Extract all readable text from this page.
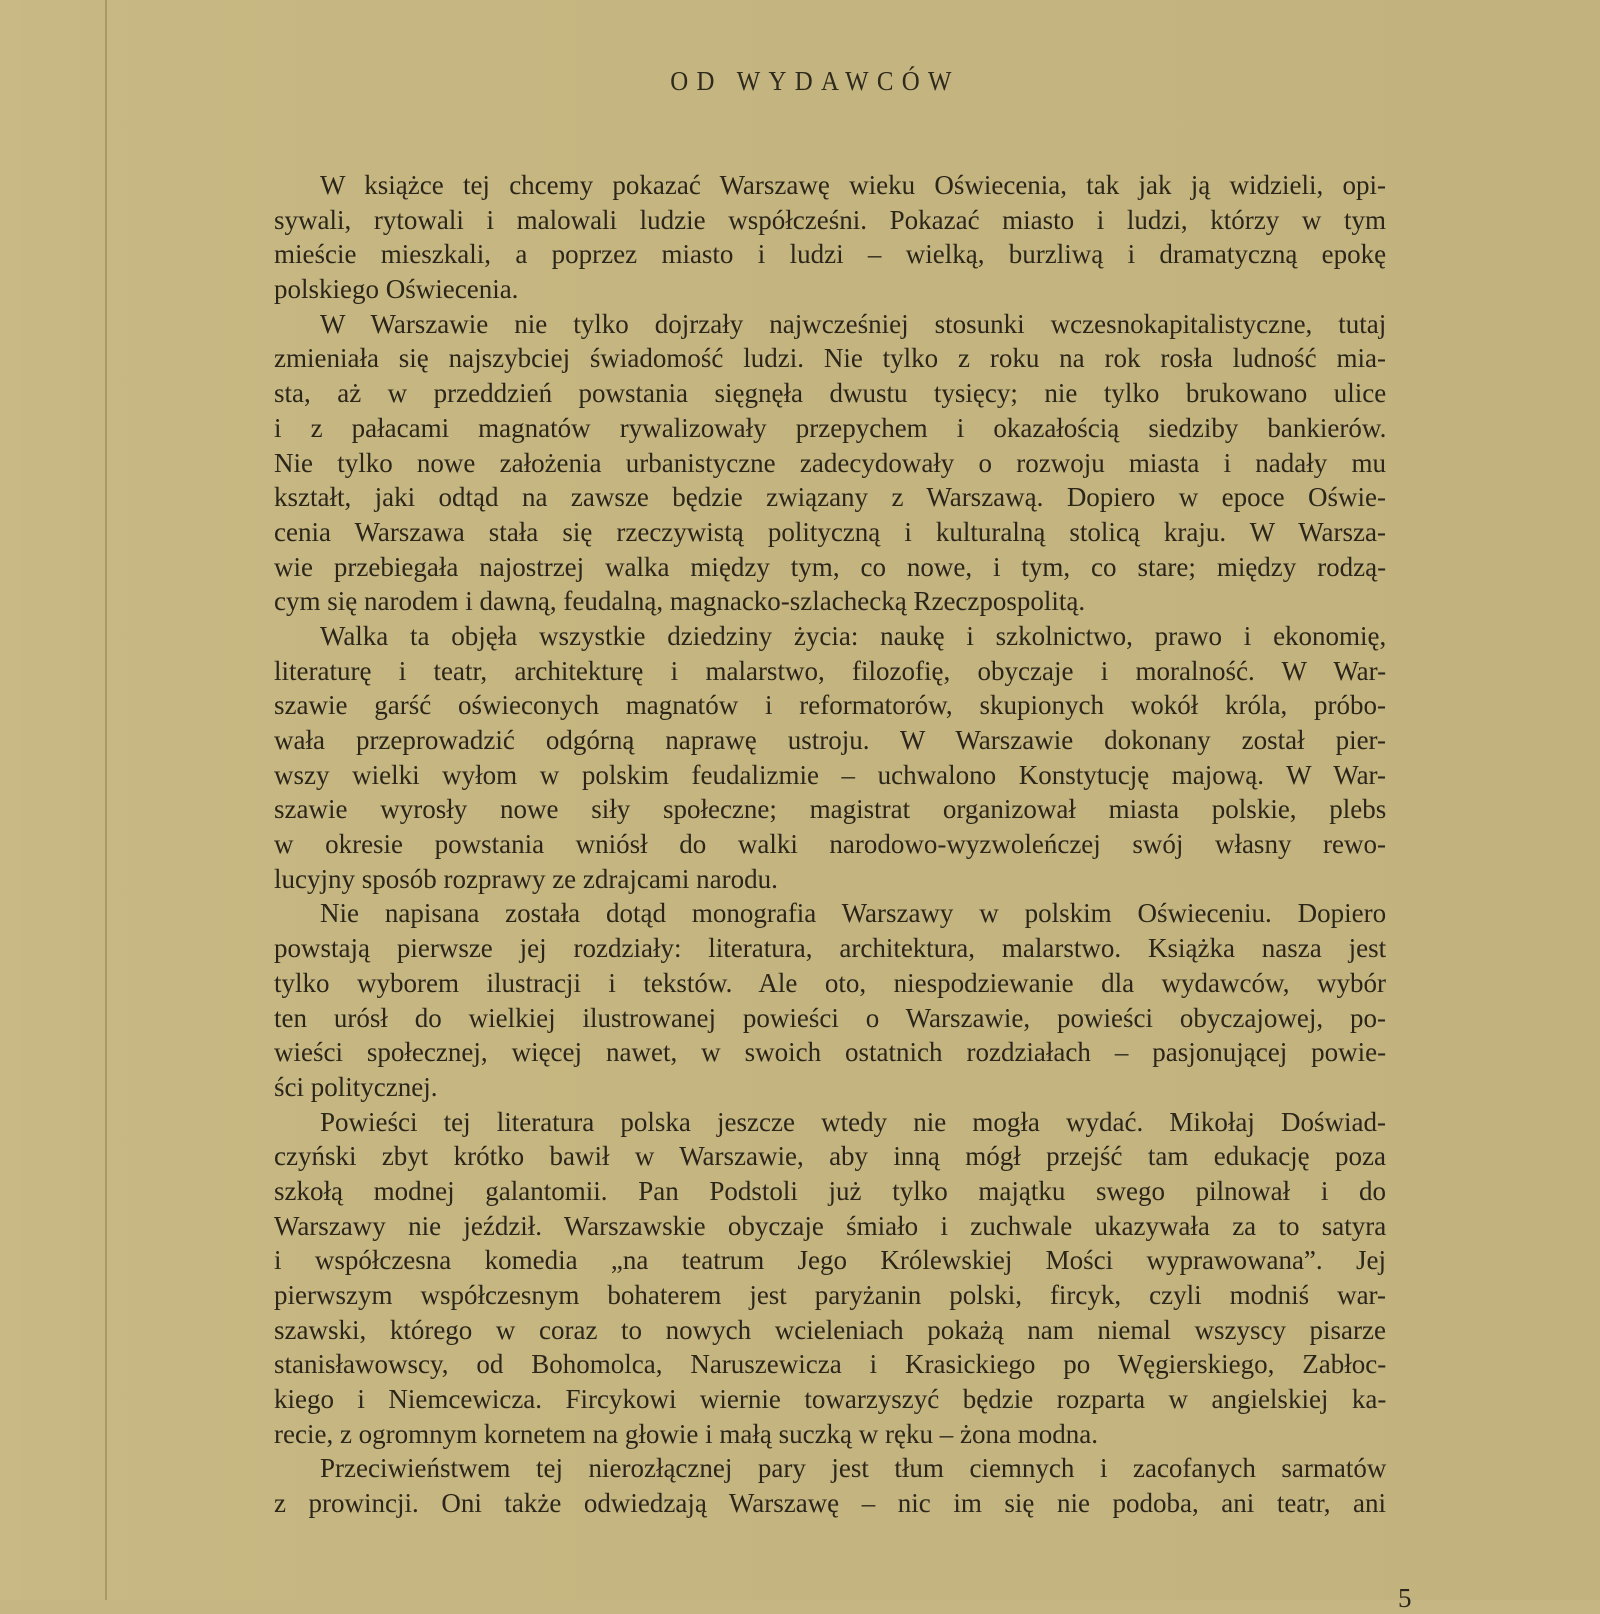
OD WYDAWCÓW
W książce tej chcemy pokazać Warszawę wieku Oświecenia, tak jak ją widzieli, opi-
sywali, rytowali i malowali ludzie współcześni. Pokazać miasto i ludzi, którzy w tym
mieście mieszkali, a poprzez miasto i ludzi – wielką, burzliwą i dramatyczną epokę
polskiego Oświecenia.
W Warszawie nie tylko dojrzały najwcześniej stosunki wczesnokapitalistyczne, tutaj
zmieniała się najszybciej świadomość ludzi. Nie tylko z roku na rok rosła ludność mia-
sta, aż w przeddzień powstania sięgnęła dwustu tysięcy; nie tylko brukowano ulice
i z pałacami magnatów rywalizowały przepychem i okazałością siedziby bankierów.
Nie tylko nowe założenia urbanistyczne zadecydowały o rozwoju miasta i nadały mu
kształt, jaki odtąd na zawsze będzie związany z Warszawą. Dopiero w epoce Oświe-
cenia Warszawa stała się rzeczywistą polityczną i kulturalną stolicą kraju. W Warsza-
wie przebiegała najostrzej walka między tym, co nowe, i tym, co stare; między rodzą-
cym się narodem i dawną, feudalną, magnacko-szlachecką Rzeczpospolitą.
Walka ta objęła wszystkie dziedziny życia: naukę i szkolnictwo, prawo i ekonomię,
literaturę i teatr, architekturę i malarstwo, filozofię, obyczaje i moralność. W War-
szawie garść oświeconych magnatów i reformatorów, skupionych wokół króla, próbo-
wała przeprowadzić odgórną naprawę ustroju. W Warszawie dokonany został pier-
wszy wielki wyłom w polskim feudalizmie – uchwalono Konstytucję majową. W War-
szawie wyrosły nowe siły społeczne; magistrat organizował miasta polskie, plebs
w okresie powstania wniósł do walki narodowo-wyzwoleńczej swój własny rewo-
lucyjny sposób rozprawy ze zdrajcami narodu.
Nie napisana została dotąd monografia Warszawy w polskim Oświeceniu. Dopiero
powstają pierwsze jej rozdziały: literatura, architektura, malarstwo. Książka nasza jest
tylko wyborem ilustracji i tekstów. Ale oto, niespodziewanie dla wydawców, wybór
ten urósł do wielkiej ilustrowanej powieści o Warszawie, powieści obyczajowej, po-
wieści społecznej, więcej nawet, w swoich ostatnich rozdziałach – pasjonującej powie-
ści politycznej.
Powieści tej literatura polska jeszcze wtedy nie mogła wydać. Mikołaj Doświad-
czyński zbyt krótko bawił w Warszawie, aby inną mógł przejść tam edukację poza
szkołą modnej galantomii. Pan Podstoli już tylko majątku swego pilnował i do
Warszawy nie jeździł. Warszawskie obyczaje śmiało i zuchwale ukazywała za to satyra
i współczesna komedia „na teatrum Jego Królewskiej Mości wyprawowana”. Jej
pierwszym współczesnym bohaterem jest paryżanin polski, fircyk, czyli modniś war-
szawski, którego w coraz to nowych wcieleniach pokażą nam niemal wszyscy pisarze
stanisławowscy, od Bohomolca, Naruszewicza i Krasickiego po Węgierskiego, Zabłoc-
kiego i Niemcewicza. Fircykowi wiernie towarzyszyć będzie rozparta w angielskiej ka-
recie, z ogromnym kornetem na głowie i małą suczką w ręku – żona modna.
Przeciwieństwem tej nierozłącznej pary jest tłum ciemnych i zacofanych sarmatów
z prowincji. Oni także odwiedzają Warszawę – nic im się nie podoba, ani teatr, ani
5
